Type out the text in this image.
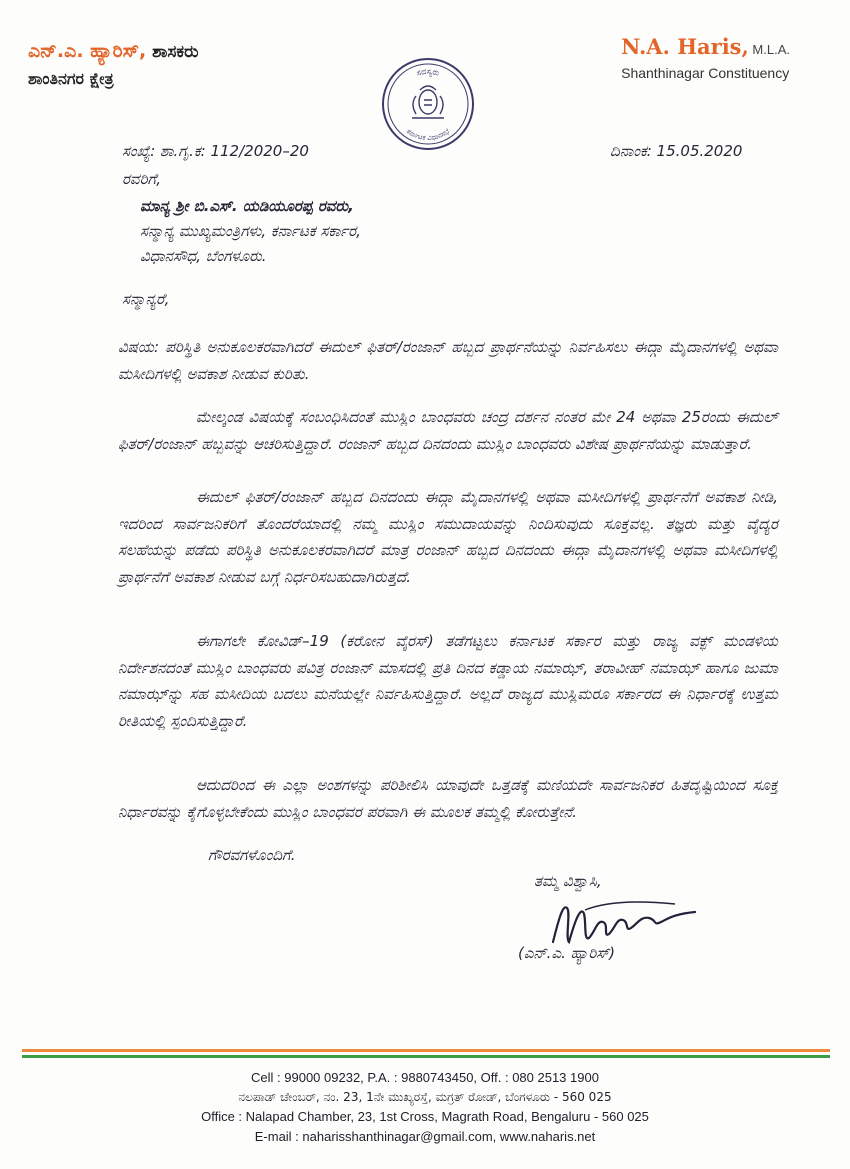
ಎನ್.ಎ. ಹ್ಯಾರಿಸ್, ಶಾಸಕರು
ಶಾಂತಿನಗರ ಕ್ಷೇತ್ರ	ಸದಸ್ಯರು
ಕರ್ನಾಟಕ ವಿಧಾನಸಭೆ
N.A. Haris, M.L.A.
Shanthinagar Constituency
ಸಂಖ್ಯೆ: ಶಾ.ಗೃ.ಕ: 112/2020–20	ದಿನಾಂಕ: 15.05.2020
ರವರಿಗೆ,
ಮಾನ್ಯ ಶ್ರೀ ಬಿ.ಎಸ್. ಯಡಿಯೂರಪ್ಪ ರವರು,
ಸನ್ಮಾನ್ಯ ಮುಖ್ಯಮಂತ್ರಿಗಳು, ಕರ್ನಾಟಕ ಸರ್ಕಾರ,
ವಿಧಾನಸೌಧ, ಬೆಂಗಳೂರು.
ಸನ್ಮಾನ್ಯರೆ,
ವಿಷಯ: ಪರಿಸ್ಥಿತಿ ಅನುಕೂಲಕರವಾಗಿದರೆ ಈದುಲ್ ಫಿತರ್/ರಂಜಾನ್ ಹಬ್ಬದ ಪ್ರಾರ್ಥನೆಯನ್ನು ನಿರ್ವಹಿಸಲು ಈದ್ಗಾ ಮೈದಾನಗಳಲ್ಲಿ ಅಥವಾ ಮಸೀದಿಗಳಲ್ಲಿ ಅವಕಾಶ ನೀಡುವ ಕುರಿತು.
ಮೇಲ್ಕಂಡ ವಿಷಯಕ್ಕೆ ಸಂಬಂಧಿಸಿದಂತೆ ಮುಸ್ಲಿಂ ಬಾಂಧವರು ಚಂದ್ರ ದರ್ಶನ ನಂತರ ಮೇ 24 ಅಥವಾ 25ರಂದು ಈದುಲ್ ಫಿತರ್/ರಂಜಾನ್ ಹಬ್ಬವನ್ನು ಆಚರಿಸುತ್ತಿದ್ದಾರೆ. ರಂಜಾನ್ ಹಬ್ಬದ ದಿನದಂದು ಮುಸ್ಲಿಂ ಬಾಂಧವರು ವಿಶೇಷ ಪ್ರಾರ್ಥನೆಯನ್ನು ಮಾಡುತ್ತಾರೆ.
ಈದುಲ್ ಫಿತರ್/ರಂಜಾನ್ ಹಬ್ಬದ ದಿನದಂದು ಈದ್ಗಾ ಮೈದಾನಗಳಲ್ಲಿ ಅಥವಾ ಮಸೀದಿಗಳಲ್ಲಿ ಪ್ರಾರ್ಥನೆಗೆ ಅವಕಾಶ ನೀಡಿ, ಇದರಿಂದ ಸಾರ್ವಜನಿಕರಿಗೆ ತೊಂದರೆಯಾದಲ್ಲಿ ನಮ್ಮ ಮುಸ್ಲಿಂ ಸಮುದಾಯವನ್ನು ನಿಂದಿಸುವುದು ಸೂಕ್ತವಲ್ಲ. ತಜ್ಞರು ಮತ್ತು ವೈದ್ಯರ ಸಲಹೆಯನ್ನು ಪಡೆದು ಪರಿಸ್ಥಿತಿ ಅನುಕೂಲಕರವಾಗಿದರೆ ಮಾತ್ರ ರಂಜಾನ್ ಹಬ್ಬದ ದಿನದಂದು ಈದ್ಗಾ ಮೈದಾನಗಳಲ್ಲಿ ಅಥವಾ ಮಸೀದಿಗಳಲ್ಲಿ ಪ್ರಾರ್ಥನೆಗೆ ಅವಕಾಶ ನೀಡುವ ಬಗ್ಗೆ ನಿರ್ಧರಿಸಬಹುದಾಗಿರುತ್ತದೆ.
ಈಗಾಗಲೇ ಕೋವಿಡ್–19 (ಕರೋನ ವೈರಸ್) ತಡೆಗಟ್ಟಲು ಕರ್ನಾಟಕ ಸರ್ಕಾರ ಮತ್ತು ರಾಜ್ಯ ವಕ್ಫ್ ಮಂಡಳಿಯ ನಿರ್ದೇಶನದಂತೆ ಮುಸ್ಲಿಂ ಬಾಂಧವರು ಪವಿತ್ರ ರಂಜಾನ್ ಮಾಸದಲ್ಲಿ ಪ್ರತಿ ದಿನದ ಕಡ್ಡಾಯ ನಮಾಝ್, ತರಾವೀಹ್ ನಮಾಝ್ ಹಾಗೂ ಜುಮಾ ನಮಾಝ್‌ನ್ನು ಸಹ ಮಸೀದಿಯ ಬದಲು ಮನೆಯಲ್ಲೇ ನಿರ್ವಹಿಸುತ್ತಿದ್ದಾರೆ. ಅಲ್ಲದೆ ರಾಜ್ಯದ ಮುಸ್ಲಿಮರೂ ಸರ್ಕಾರದ ಈ ನಿರ್ಧಾರಕ್ಕೆ ಉತ್ತಮ ರೀತಿಯಲ್ಲಿ ಸ್ಪಂದಿಸುತ್ತಿದ್ದಾರೆ.
ಆದುದರಿಂದ ಈ ಎಲ್ಲಾ ಅಂಶಗಳನ್ನು ಪರಿಶೀಲಿಸಿ ಯಾವುದೇ ಒತ್ತಡಕ್ಕೆ ಮಣಿಯದೇ ಸಾರ್ವಜನಿಕರ ಹಿತದೃಷ್ಟಿಯಿಂದ ಸೂಕ್ತ ನಿರ್ಧಾರವನ್ನು ಕೈಗೊಳ್ಳಬೇಕೆಂದು ಮುಸ್ಲಿಂ ಬಾಂಧವರ ಪರವಾಗಿ ಈ ಮೂಲಕ ತಮ್ಮಲ್ಲಿ ಕೋರುತ್ತೇನೆ.
ಗೌರವಗಳೊಂದಿಗೆ.
ತಮ್ಮ ವಿಶ್ವಾಸಿ,
(ಎನ್.ಎ. ಹ್ಯಾರಿಸ್)
Cell : 99000 09232, P.A. : 9880743450, Off. : 080 2513 1900
ನಲಪಾಡ್ ಚೇಂಬರ್, ನಂ. 23, 1ನೇ ಮುಖ್ಯರಸ್ತೆ, ಮಗ್ರತ್ ರೋಡ್, ಬೆಂಗಳೂರು - 560 025
Office : Nalapad Chamber, 23, 1st Cross, Magrath Road, Bengaluru - 560 025
E-mail : naharisshanthinagar@gmail.com, www.naharis.net
